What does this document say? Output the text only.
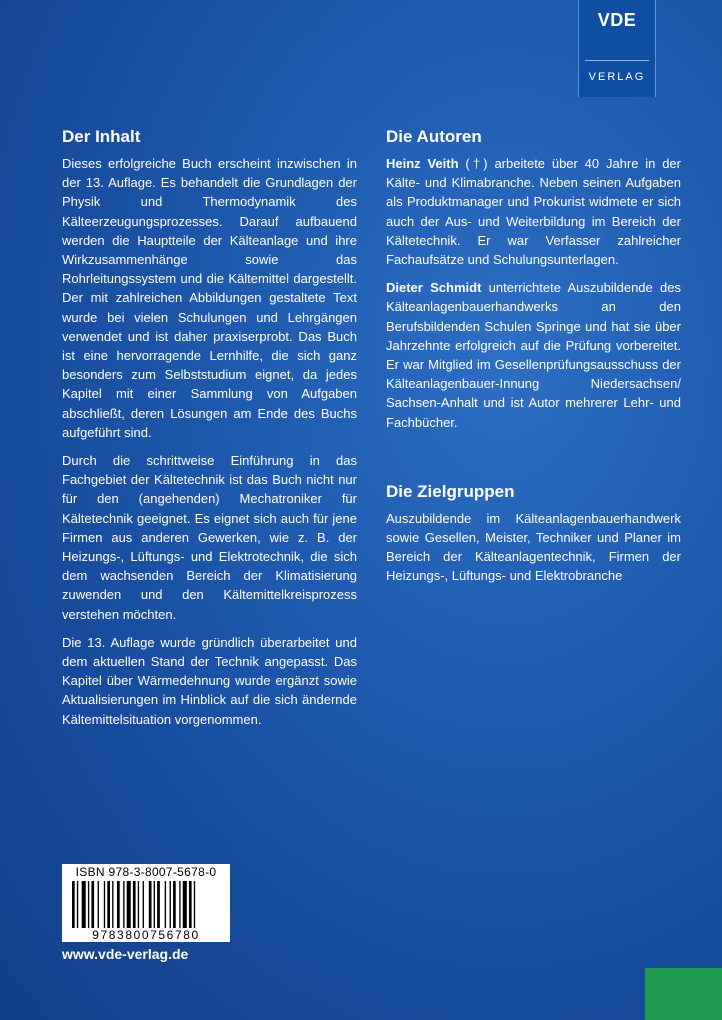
VDE
VERLAG
Der Inhalt

Dieses erfolgreiche Buch erscheint inzwischen in der 13. Auflage. Es behandelt die Grundlagen der Physik und Thermodynamik des Kälteerzeugungsprozesses. Darauf aufbauend werden die Hauptteile der Kälteanlage und ihre Wirkzusammenhänge sowie das Rohrleitungssystem und die Kältemittel dargestellt. Der mit zahlreichen Abbildungen gestaltete Text wurde bei vielen Schulungen und Lehrgängen verwendet und ist daher praxiserprobt. Das Buch ist eine hervorragende Lernhilfe, die sich ganz besonders zum Selbststudium eignet, da jedes Kapitel mit einer Sammlung von Aufgaben abschließt, deren Lösungen am Ende des Buchs aufgeführt sind.

Durch die schrittweise Einführung in das Fachgebiet der Kältetechnik ist das Buch nicht nur für den (angehenden) Mechatroniker für Kältetechnik geeignet. Es eignet sich auch für jene Firmen aus anderen Gewerken, wie z. B. der Heizungs-, Lüftungs- und Elektrotechnik, die sich dem wachsenden Bereich der Klimatisierung zuwenden und den Kältemittelkreisprozess verstehen möchten.

Die 13. Auflage wurde gründlich überarbeitet und dem aktuellen Stand der Technik angepasst. Das Kapitel über Wärmedehnung wurde ergänzt sowie Aktualisierungen im Hinblick auf die sich ändernde Kältemittelsituation vorgenommen.

Die Autoren

Heinz Veith (†) arbeitete über 40 Jahre in der Kälte- und Klimabranche. Neben seinen Aufgaben als Produktmanager und Prokurist widmete er sich auch der Aus- und Weiterbildung im Bereich der Kältetechnik. Er war Verfasser zahlreicher Fachaufsätze und Schulungsunterlagen.

Dieter Schmidt unterrichtete Auszubildende des Kälteanlagenbauerhandwerks an den Berufsbildenden Schulen Springe und hat sie über Jahrzehnte erfolgreich auf die Prüfung vorbereitet. Er war Mitglied im Gesellenprüfungsausschuss der Kälteanlagenbauer-Innung Niedersachsen/ Sachsen-Anhalt und ist Autor mehrerer Lehr- und Fachbücher.

Die Zielgruppen

Auszubildende im Kälteanlagenbauerhandwerk sowie Gesellen, Meister, Techniker und Planer im Bereich der Kälteanlagentechnik, Firmen der Heizungs-, Lüftungs- und Elektrobranche

ISBN 978-3-8007-5678-0
9783800756780
www.vde-verlag.de
